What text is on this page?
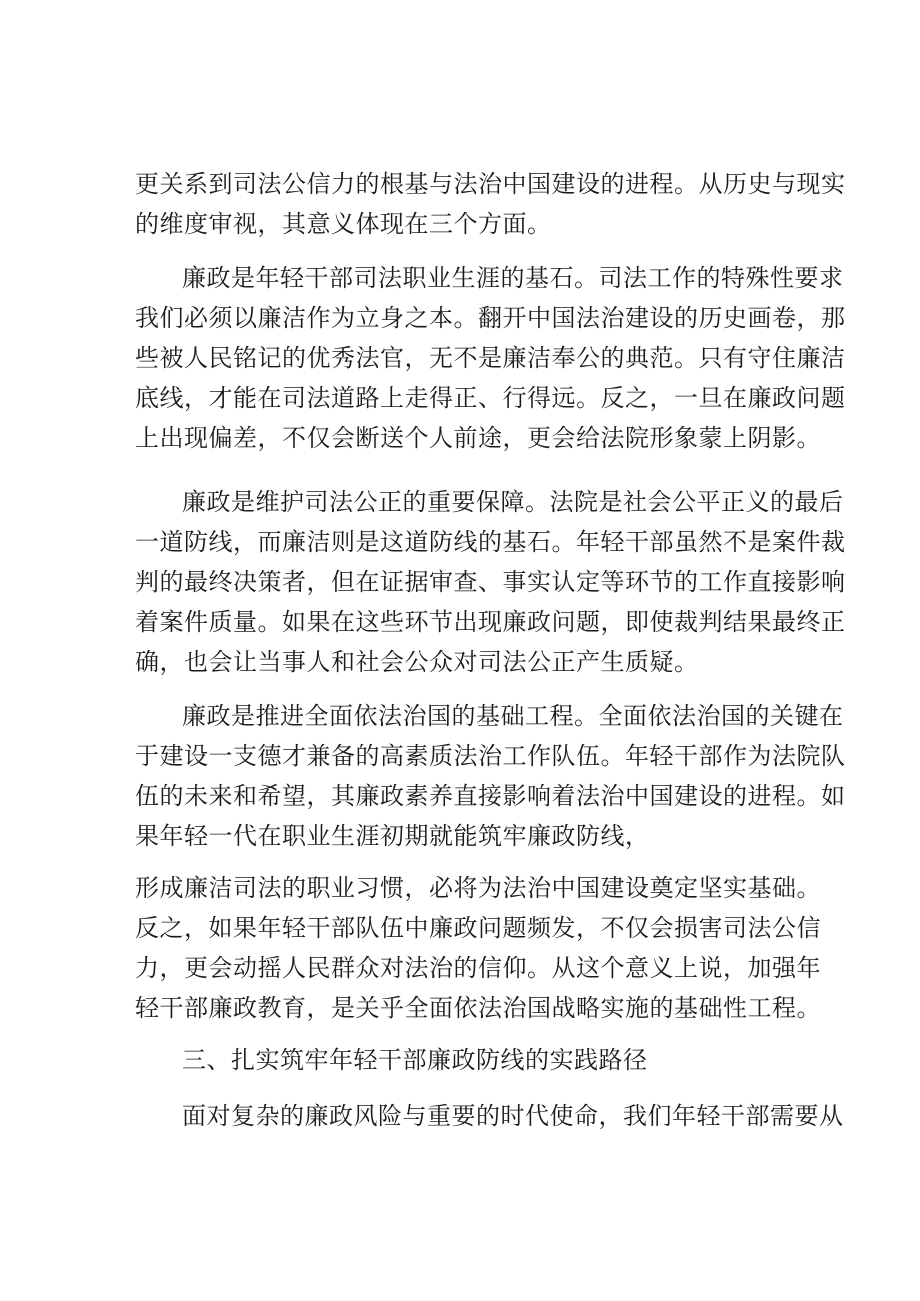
更关系到司法公信力的根基与法治中国建设的进程。从历史与现实
的维度审视，其意义体现在三个方面。
廉政是年轻干部司法职业生涯的基石。司法工作的特殊性要求
我们必须以廉洁作为立身之本。翻开中国法治建设的历史画卷，那
些被人民铭记的优秀法官，无不是廉洁奉公的典范。只有守住廉洁
底线，才能在司法道路上走得正、行得远。反之，一旦在廉政问题
上出现偏差，不仅会断送个人前途，更会给法院形象蒙上阴影。
廉政是维护司法公正的重要保障。法院是社会公平正义的最后
一道防线，而廉洁则是这道防线的基石。年轻干部虽然不是案件裁
判的最终决策者，但在证据审查、事实认定等环节的工作直接影响
着案件质量。如果在这些环节出现廉政问题，即使裁判结果最终正
确，也会让当事人和社会公众对司法公正产生质疑。
廉政是推进全面依法治国的基础工程。全面依法治国的关键在
于建设一支德才兼备的高素质法治工作队伍。年轻干部作为法院队
伍的未来和希望，其廉政素养直接影响着法治中国建设的进程。如
果年轻一代在职业生涯初期就能筑牢廉政防线，
形成廉洁司法的职业习惯，必将为法治中国建设奠定坚实基础。
反之，如果年轻干部队伍中廉政问题频发，不仅会损害司法公信
力，更会动摇人民群众对法治的信仰。从这个意义上说，加强年
轻干部廉政教育，是关乎全面依法治国战略实施的基础性工程。
三、扎实筑牢年轻干部廉政防线的实践路径
面对复杂的廉政风险与重要的时代使命，我们年轻干部需要从
